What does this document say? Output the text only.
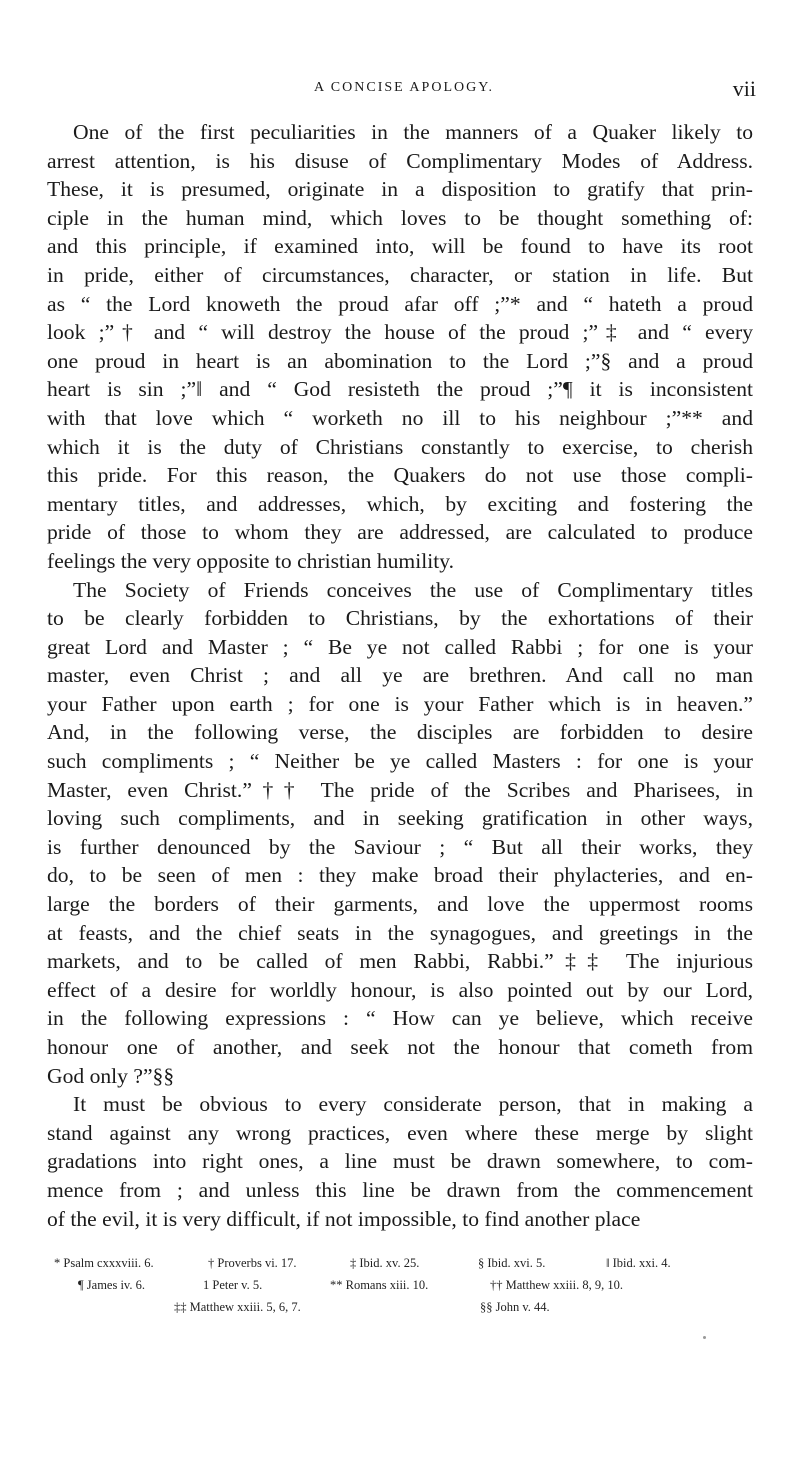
A CONCISE APOLOGY.	vii
One of the first peculiarities in the manners of a Quaker likely to
arrest attention, is his disuse of Complimentary Modes of Address.
These, it is presumed, originate in a disposition to gratify that prin-
ciple in the human mind, which loves to be thought something of:
and this principle, if examined into, will be found to have its root
in pride, either of circumstances, character, or station in life. But
as “ the Lord knoweth the proud afar off ;”* and “ hateth a proud
look ;”† and “ will destroy the house of the proud ;”‡ and “ every
one proud in heart is an abomination to the Lord ;”§ and a proud
heart is sin ;”‖ and “ God resisteth the proud ;”¶ it is inconsistent
with that love which “ worketh no ill to his neighbour ;”** and
which it is the duty of Christians constantly to exercise, to cherish
this pride. For this reason, the Quakers do not use those compli-
mentary titles, and addresses, which, by exciting and fostering the
pride of those to whom they are addressed, are calculated to produce
feelings the very opposite to christian humility.
The Society of Friends conceives the use of Complimentary titles
to be clearly forbidden to Christians, by the exhortations of their
great Lord and Master ; “ Be ye not called Rabbi ; for one is your
master, even Christ ; and all ye are brethren. And call no man
your Father upon earth ; for one is your Father which is in heaven.”
And, in the following verse, the disciples are forbidden to desire
such compliments ; “ Neither be ye called Masters : for one is your
Master, even Christ.”†† The pride of the Scribes and Pharisees, in
loving such compliments, and in seeking gratification in other ways,
is further denounced by the Saviour ; “ But all their works, they
do, to be seen of men : they make broad their phylacteries, and en-
large the borders of their garments, and love the uppermost rooms
at feasts, and the chief seats in the synagogues, and greetings in the
markets, and to be called of men Rabbi, Rabbi.”‡‡ The injurious
effect of a desire for worldly honour, is also pointed out by our Lord,
in the following expressions : “ How can ye believe, which receive
honour one of another, and seek not the honour that cometh from
God only ?”§§
It must be obvious to every considerate person, that in making a
stand against any wrong practices, even where these merge by slight
gradations into right ones, a line must be drawn somewhere, to com-
mence from ; and unless this line be drawn from the commencement
of the evil, it is very difficult, if not impossible, to find another place
* Psalm cxxxviii. 6.	† Proverbs vi. 17.	‡ Ibid. xv. 25.	§ Ibid. xvi. 5.	‖ Ibid. xxi. 4.
¶ James iv. 6.	1 Peter v. 5.	** Romans xiii. 10.	†† Matthew xxiii. 8, 9, 10.
‡‡ Matthew xxiii. 5, 6, 7.	§§ John v. 44.
